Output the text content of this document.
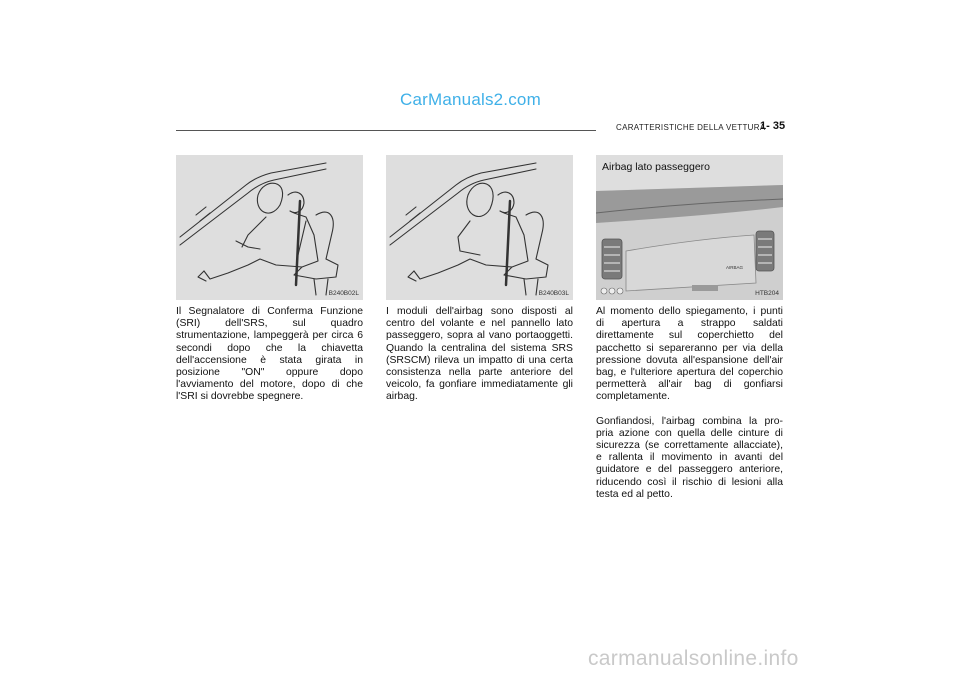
CarManuals2.com
CARATTERISTICHE DELLA VETTURA
1- 35
B240B02L	B240B03L
AIRBAG
Airbag lato passeggero
HTB204

Il Segnalatore di Conferma Funzione (SRI) dell'SRS, sul quadro strumentazione, lampeggerà per circa 6 secondi dopo che la chiavetta dell'accensione è stata girata in posizione "ON" oppure dopo l'avviamento del motore, dopo di che l'SRI si dovrebbe spegnere.

I moduli dell'airbag sono disposti al centro del volante e nel pannello lato passeggero, sopra al vano portaoggetti. Quando la centralina del sistema SRS (SRSCM) rileva un impatto di una certa consistenza nella parte anteriore del veicolo, fa gonfiare immediatamente gli airbag.

Al momento dello spiegamento, i punti di apertura a strappo saldati direttamente sul coperchietto del pacchetto si separeranno per via della pressione dovuta all'espansione dell'air bag, e l'ulteriore apertura del coperchio permetterà all'air bag di gonfiarsi completamente.

Gonfiandosi, l'airbag combina la pro- pria azione con quella delle cinture di sicurezza (se correttamente allacciate), e rallenta il movimento in avanti del guidatore e del passeggero anteriore, riducendo così il rischio di lesioni alla testa ed al petto.

carmanualsonline.info
